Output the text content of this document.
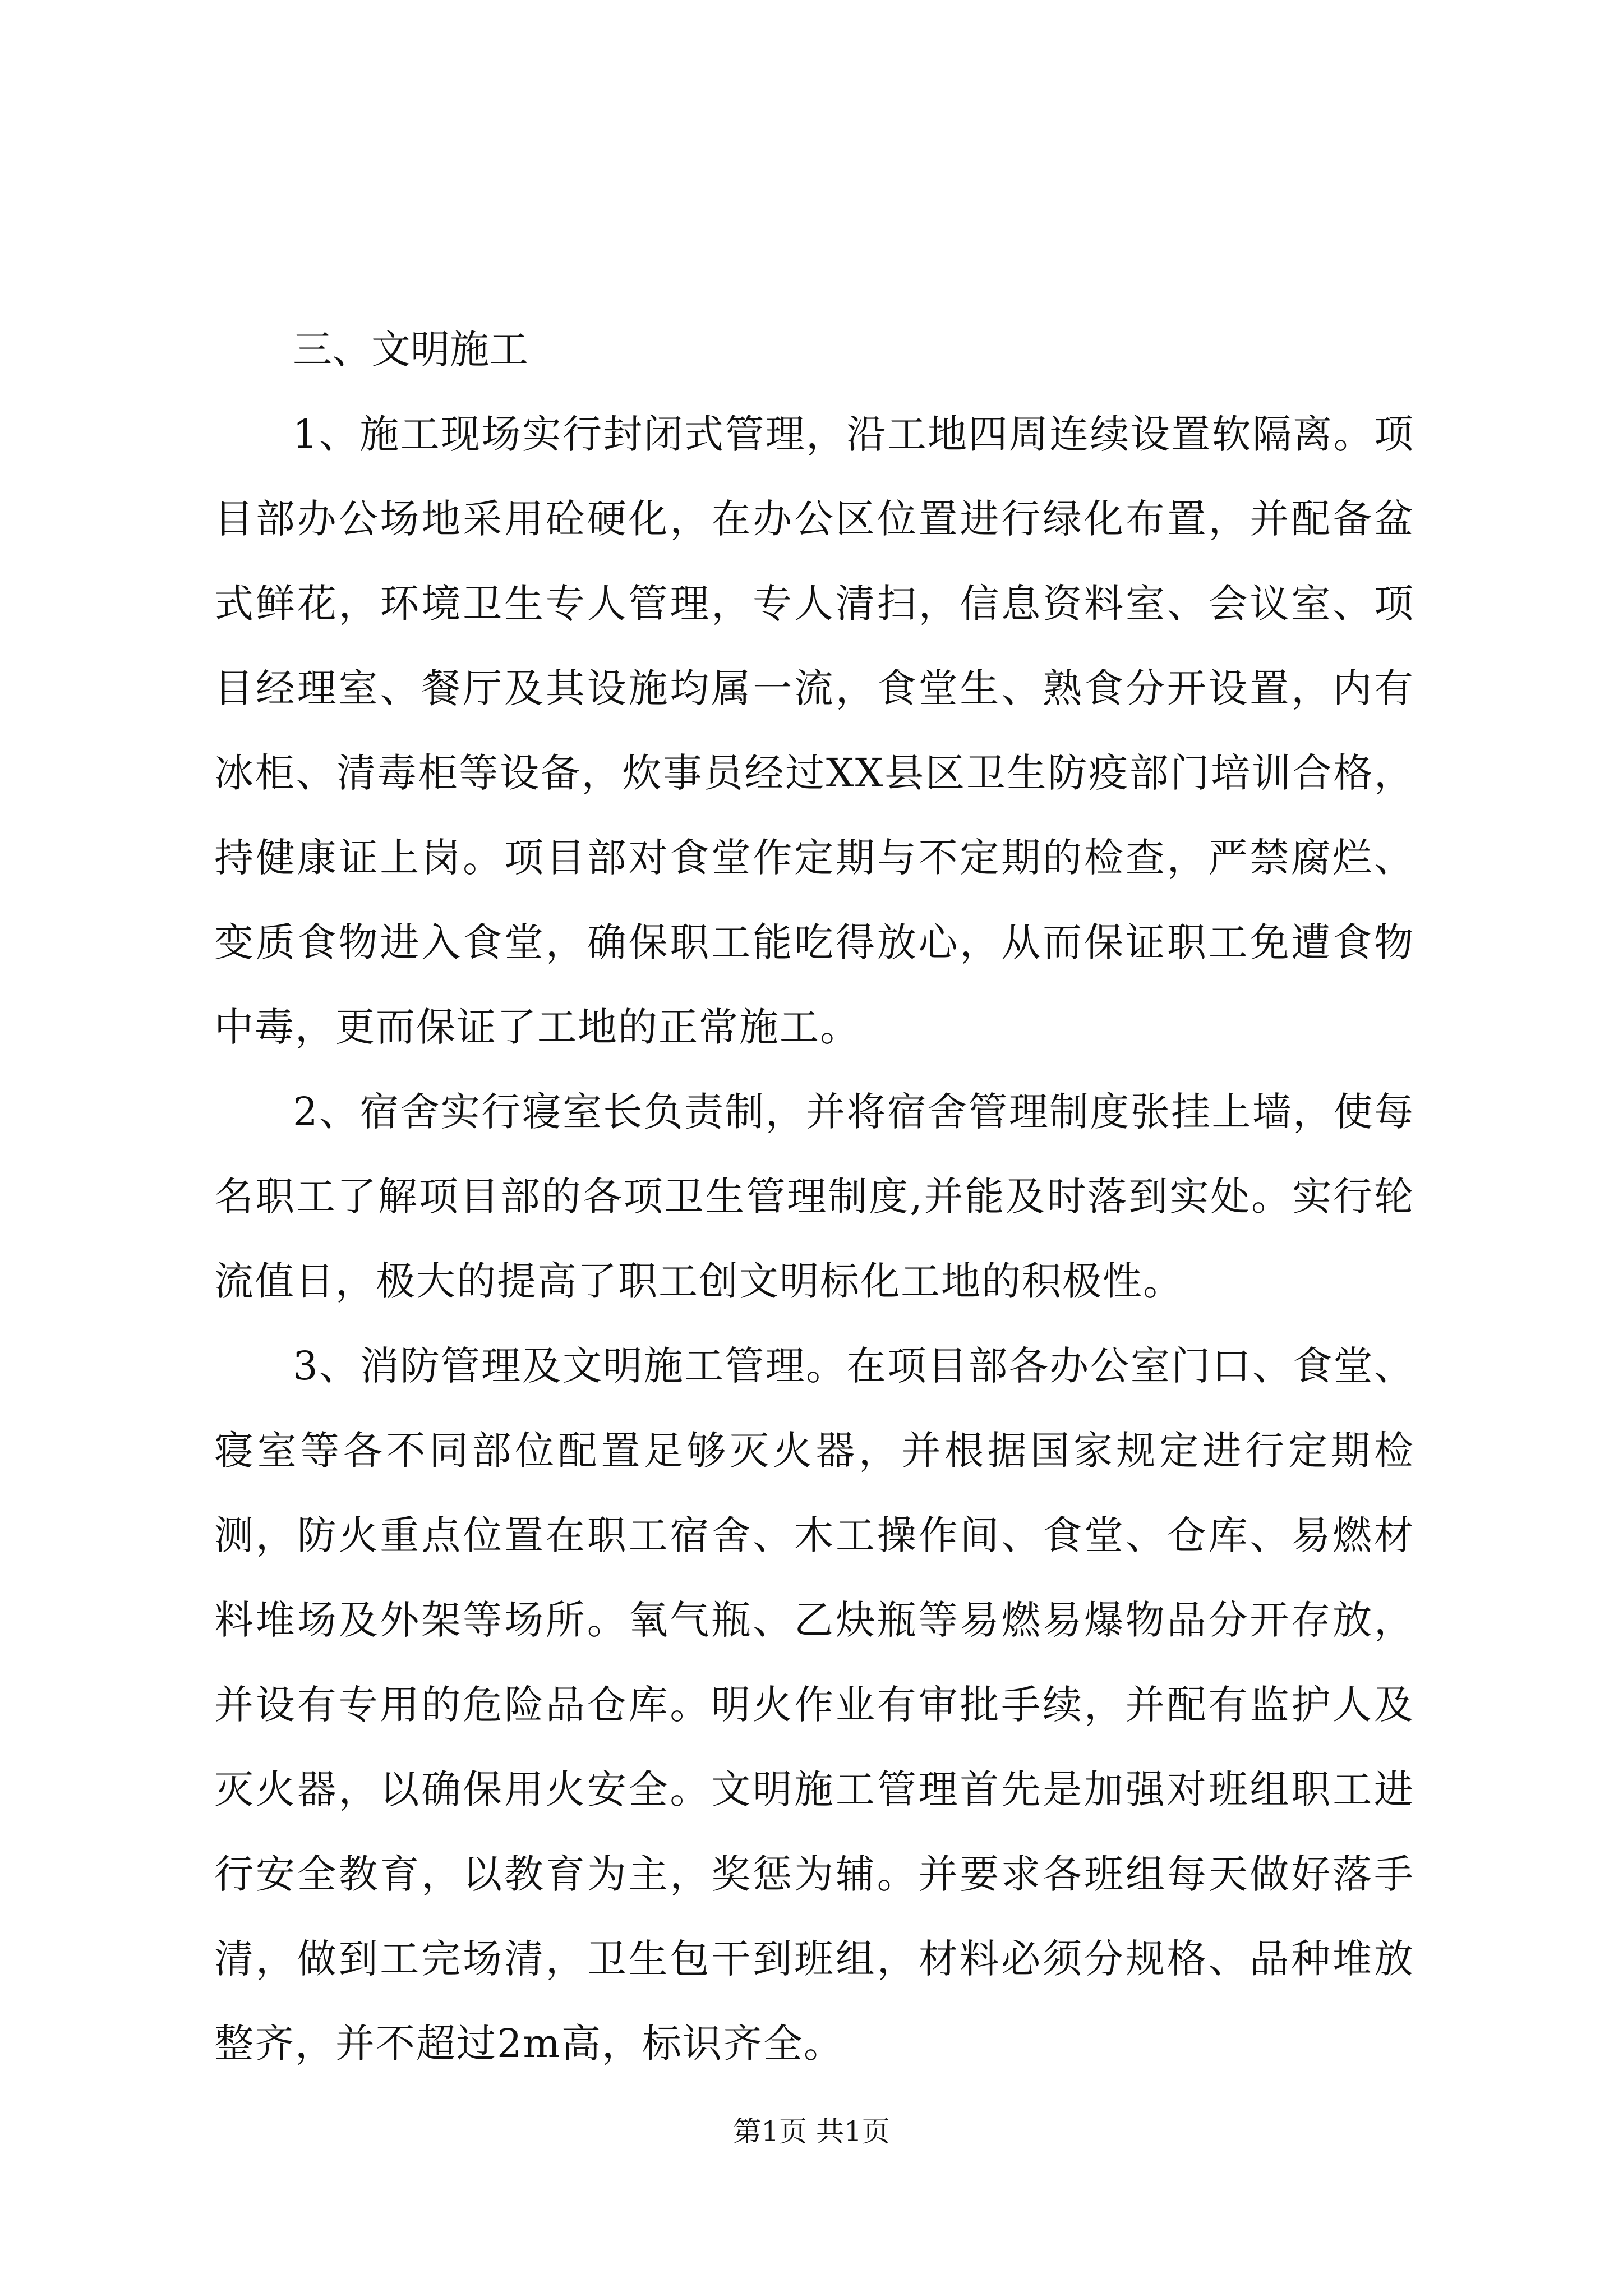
三、文明施工

1、施工现场实行封闭式管理，沿工地四周连续设置软隔离。项目部办公场地采用砼硬化，在办公区位置进行绿化布置，并配备盆式鲜花，环境卫生专人管理，专人清扫，信息资料室、会议室、项目经理室、餐厅及其设施均属一流，食堂生、熟食分开设置，内有冰柜、清毒柜等设备，炊事员经过XX县区卫生防疫部门培训合格，持健康证上岗。项目部对食堂作定期与不定期的检查，严禁腐烂、变质食物进入食堂，确保职工能吃得放心，从而保证职工免遭食物中毒，更而保证了工地的正常施工。

2、宿舍实行寝室长负责制，并将宿舍管理制度张挂上墙，使每名职工了解项目部的各项卫生管理制度,并能及时落到实处。实行轮流值日，极大的提高了职工创文明标化工地的积极性。

3、消防管理及文明施工管理。在项目部各办公室门口、食堂、寝室等各不同部位配置足够灭火器，并根据国家规定进行定期检测，防火重点位置在职工宿舍、木工操作间、食堂、仓库、易燃材料堆场及外架等场所。氧气瓶、乙炔瓶等易燃易爆物品分开存放，并设有专用的危险品仓库。明火作业有审批手续，并配有监护人及灭火器，以确保用火安全。文明施工管理首先是加强对班组职工进行安全教育，以教育为主，奖惩为辅。并要求各班组每天做好落手清，做到工完场清，卫生包干到班组，材料必须分规格、品种堆放整齐，并不超过2m高，标识齐全。

第1页 共1页
